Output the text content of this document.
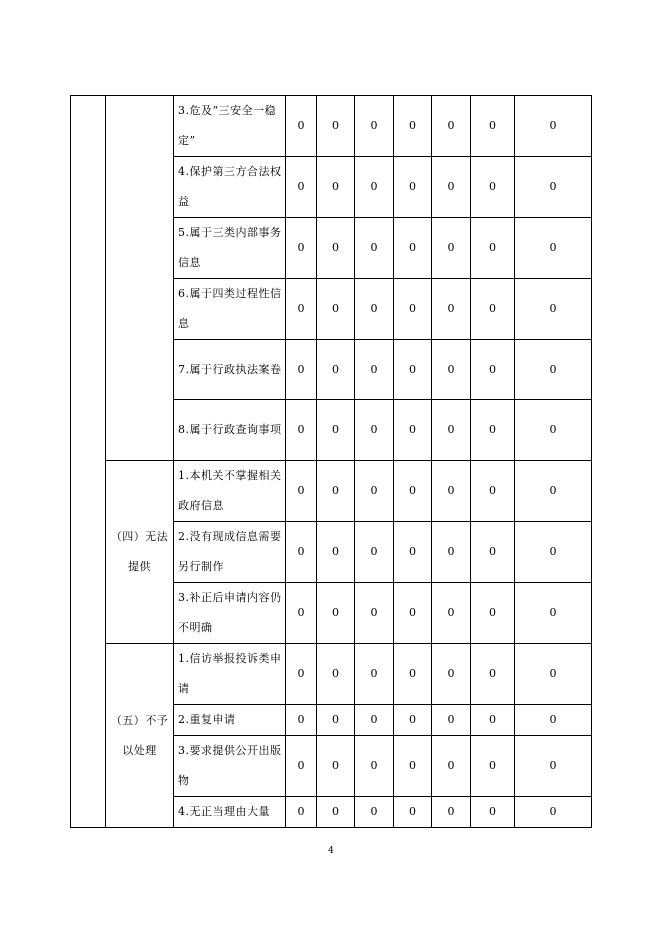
		3.危及“三安全一稳定”	0	0	0	0	0	0	0
		4.保护第三方合法权益	0	0	0	0	0	0	0
		5.属于三类内部事务信息	0	0	0	0	0	0	0
		6.属于四类过程性信息	0	0	0	0	0	0	0
		7.属于行政执法案卷	0	0	0	0	0	0	0
		8.属于行政查询事项	0	0	0	0	0	0	0
	（四）无法提供	1.本机关不掌握相关政府信息	0	0	0	0	0	0	0
		2.没有现成信息需要另行制作	0	0	0	0	0	0	0
		3.补正后申请内容仍不明确	0	0	0	0	0	0	0
	（五）不予以处理	1.信访举报投诉类申请	0	0	0	0	0	0	0
		2.重复申请	0	0	0	0	0	0	0
		3.要求提供公开出版物	0	0	0	0	0	0	0
		4.无正当理由大量	0	0	0	0	0	0	0
4
